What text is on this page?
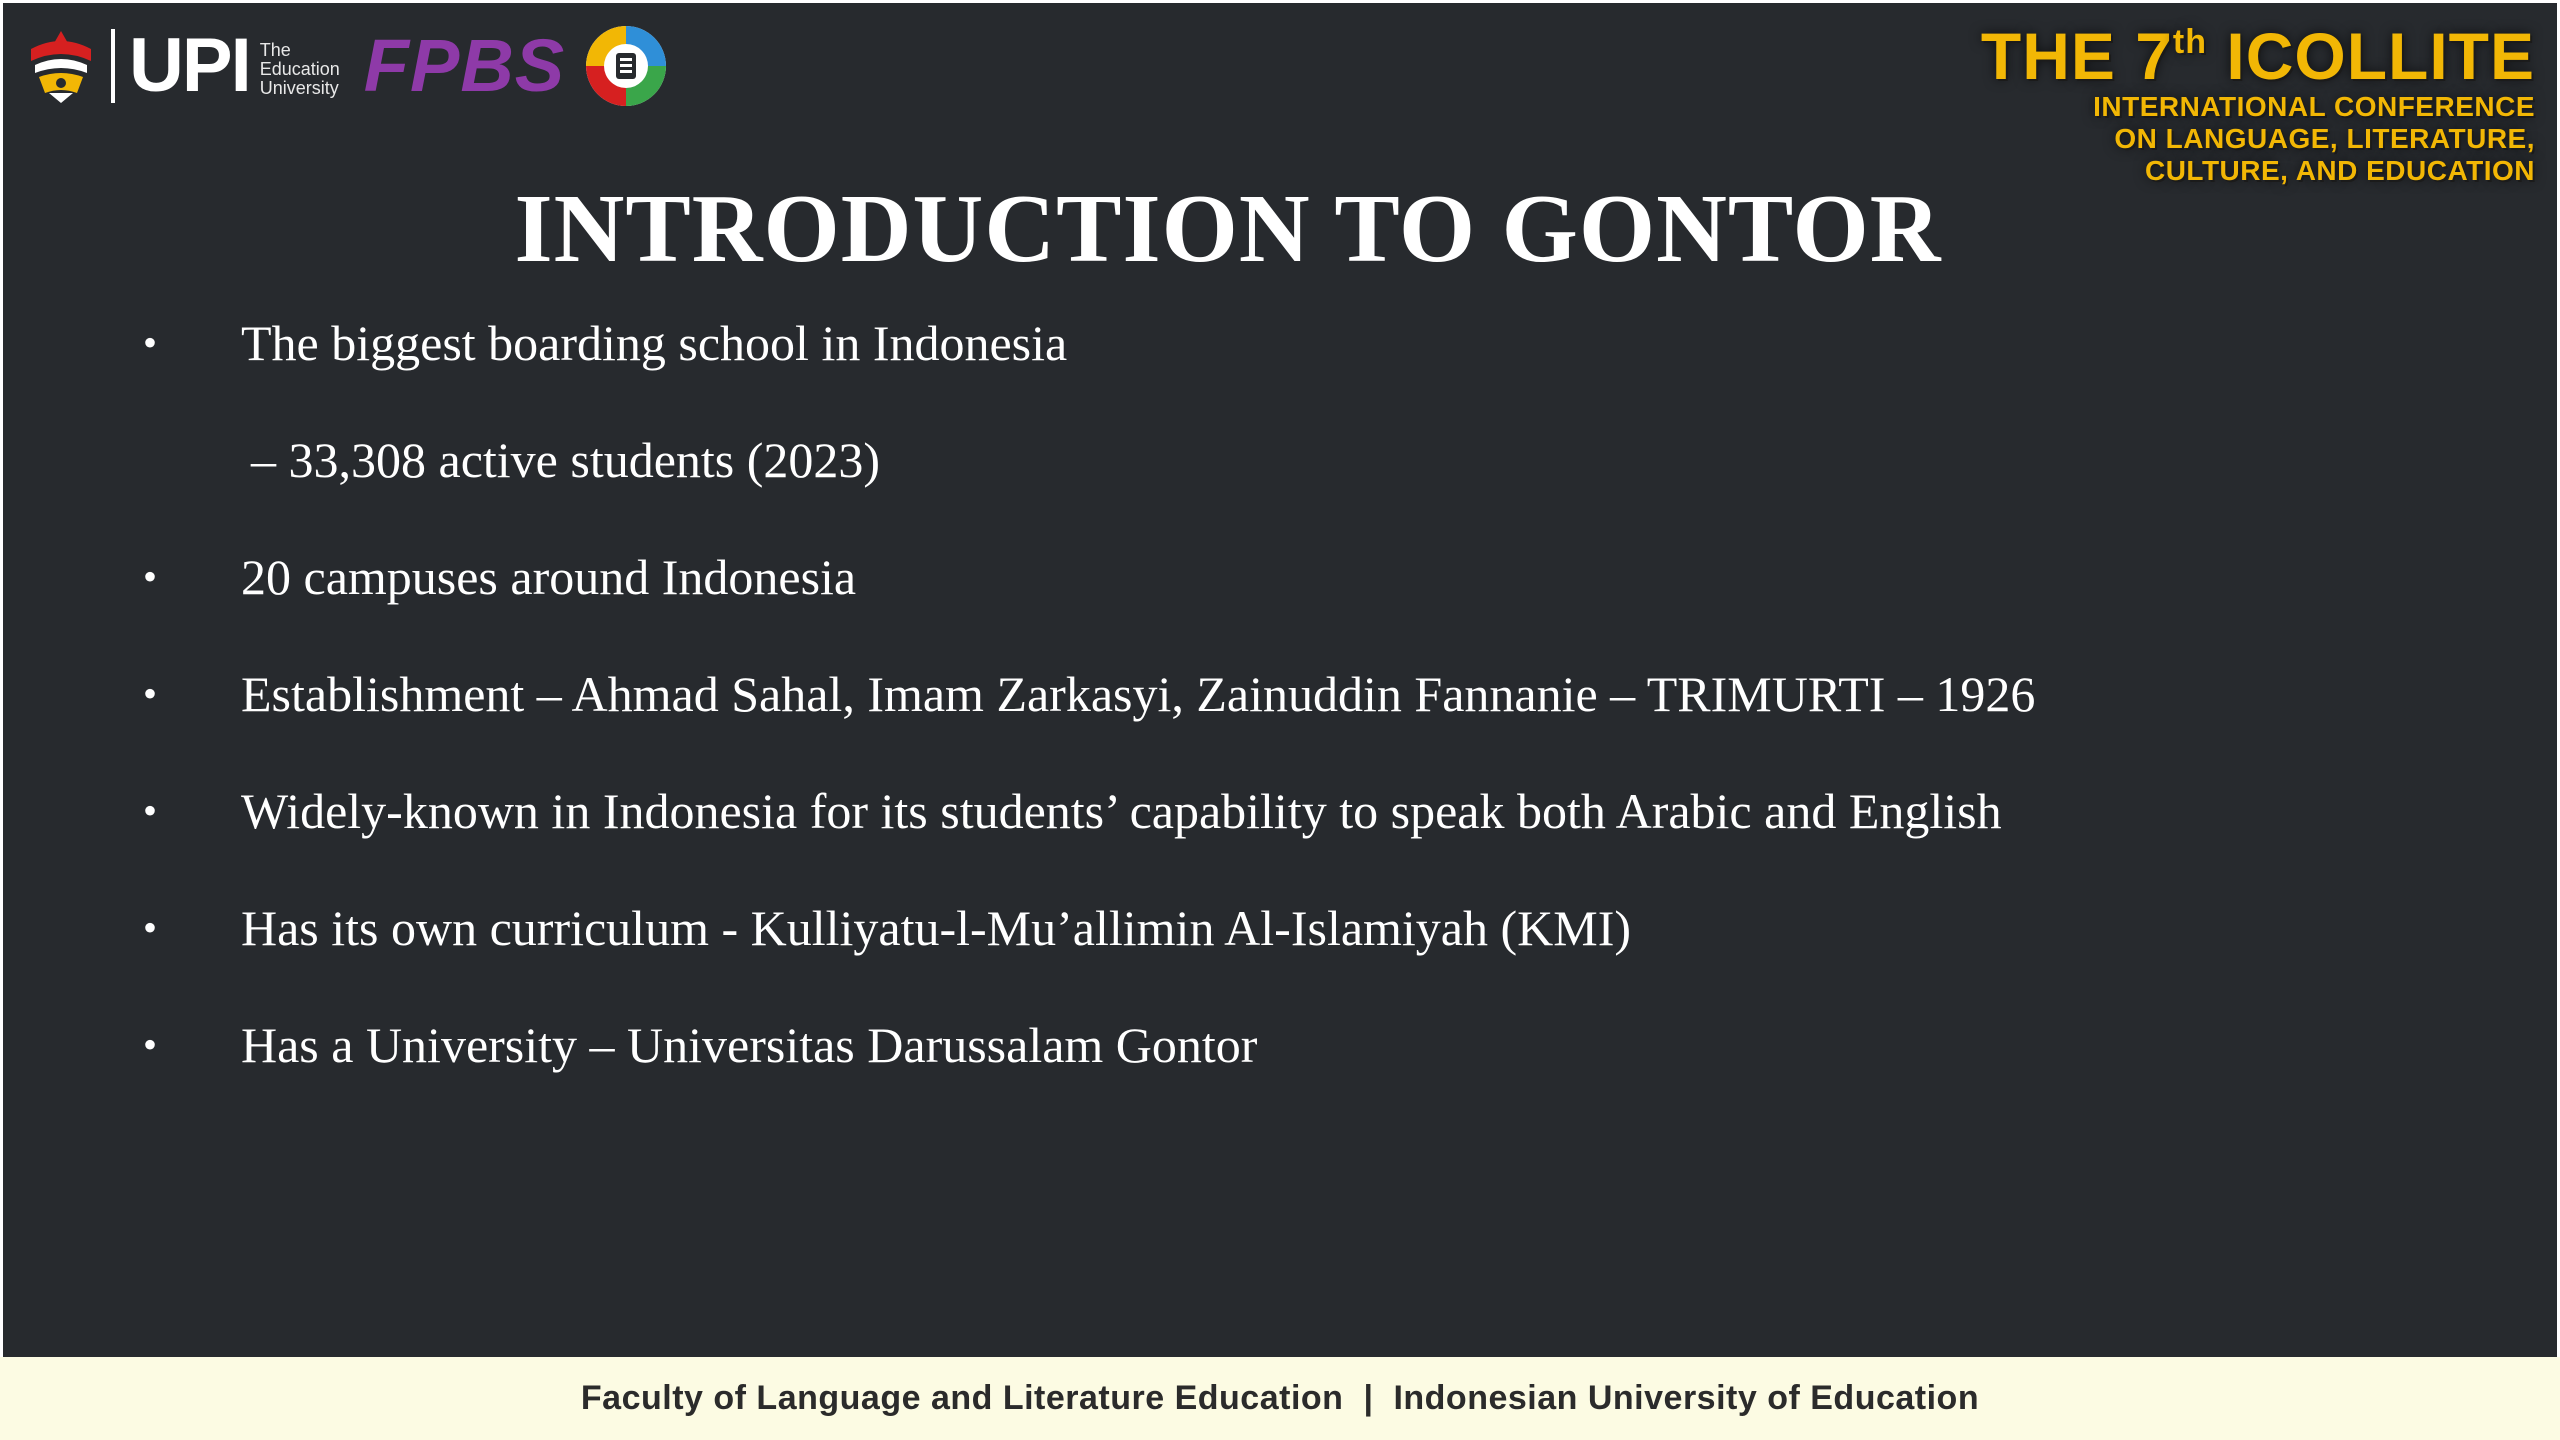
UPI The
Education
University FPBS	THE 7th ICOLLITE
INTERNATIONAL CONFERENCE
ON LANGUAGE, LITERATURE,
CULTURE, AND EDUCATION
INTRODUCTION TO GONTOR
• The biggest boarding school in Indonesia
– 33,308 active students (2023)
• 20 campuses around Indonesia
• Establishment – Ahmad Sahal, Imam Zarkasyi, Zainuddin Fannanie – TRIMURTI – 1926
• Widely-known in Indonesia for its students’ capability to speak both Arabic and English
• Has its own curriculum - Kulliyatu-l-Mu’allimin Al-Islamiyah (KMI)
• Has a University – Universitas Darussalam Gontor
Faculty of Language and Literature Education | Indonesian University of Education
